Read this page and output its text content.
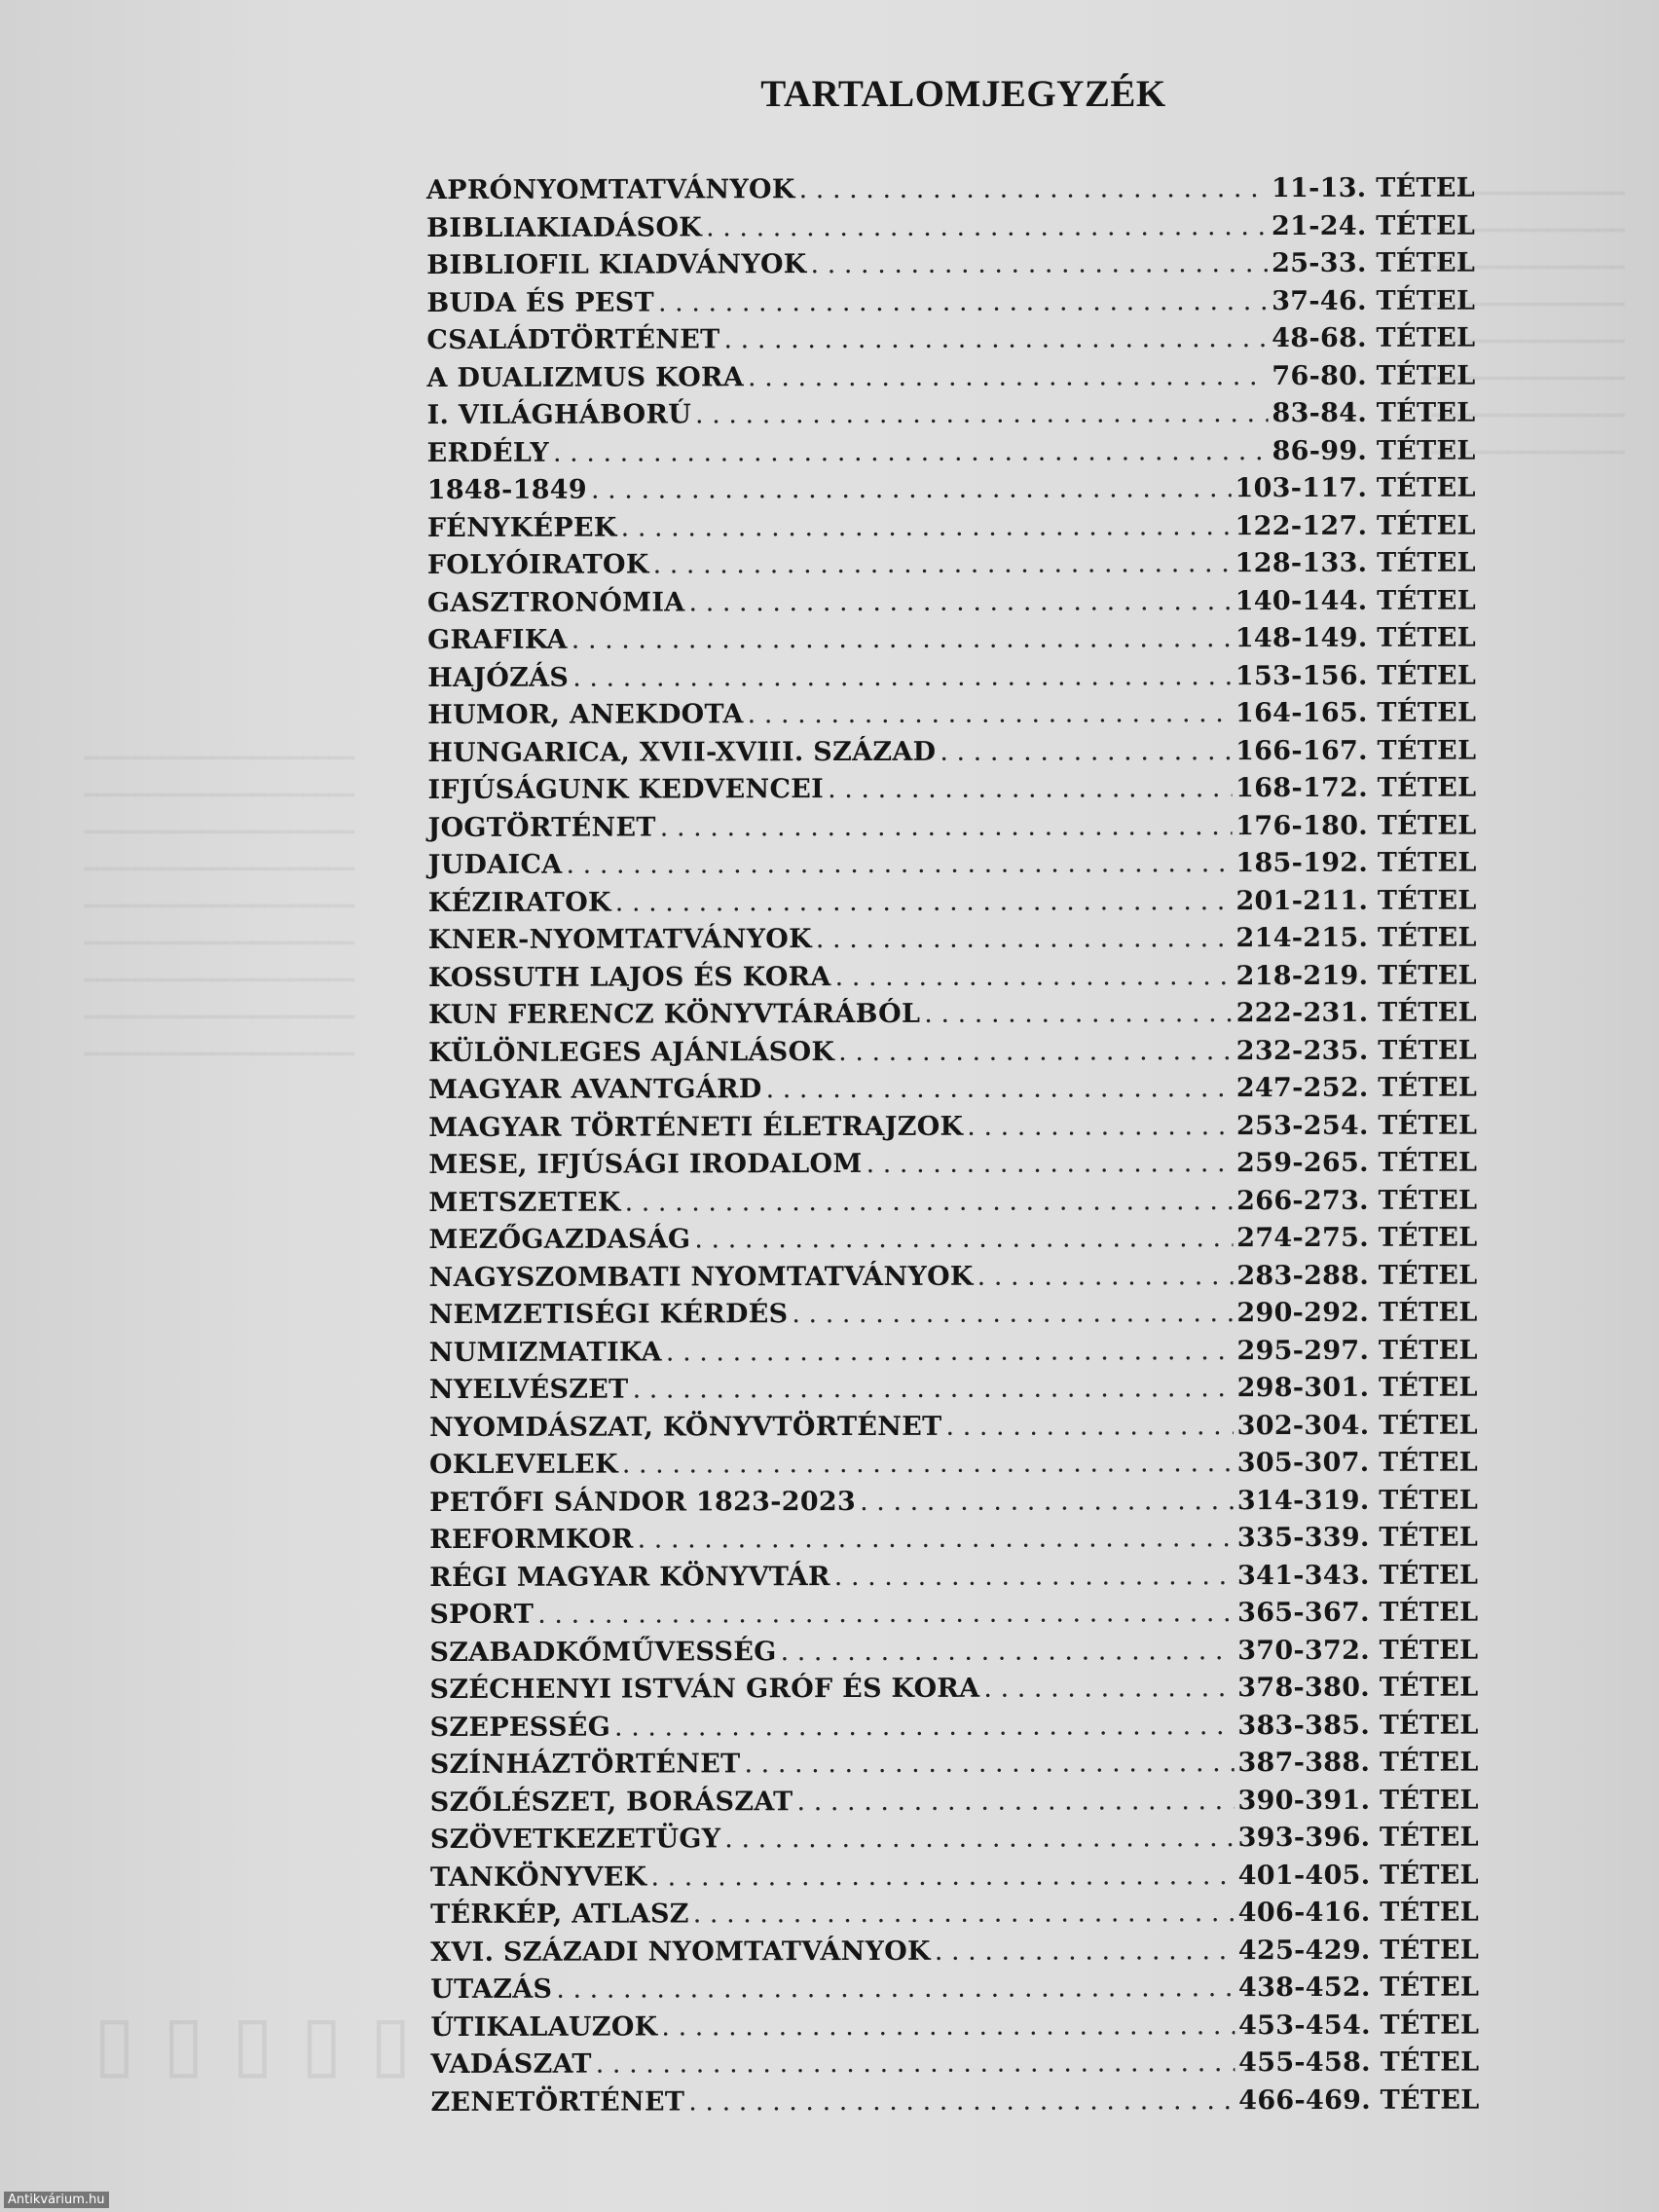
━━━━━━━━━━━━━━━━━━━━━
━━━━━━━━━━━━━━━━━━━━━
━━━━━━━━━━━━━━━━━━━━━
━━━━━━━━━━━━━━━━━━━━━
━━━━━━━━━━━━━━━━━━━━━
━━━━━━━━━━━━━━━━━━━━━
━━━━━━━━━━━━━━━━━━━━━
━━━━━━━━━━━━━━━━━━━━━
━━━━━━━━━━━━━━━━━━━━━
━━━━━━━━━━━━━━━
━━━━━━━━━━━━━━━
━━━━━━━━━━━━━━━
━━━━━━━━━━━━━━━
━━━━━━━━━━━━━━━
━━━━━━━━━━━━━━━
━━━━━━━━━━━━━━━
━━━━━━━━━━━━━━━
▯▯▯▯▯
TARTALOMJEGYZÉK
APRÓNYOMTATVÁNYOK . . .	11-13. TÉTEL
BIBLIAKIADÁSOK . . .	21-24. TÉTEL
BIBLIOFIL KIADVÁNYOK . . .	25-33. TÉTEL
BUDA ÉS PEST . . .	37-46. TÉTEL
CSALÁDTÖRTÉNET . . .	48-68. TÉTEL
A DUALIZMUS KORA . . .	76-80. TÉTEL
I. VILÁGHÁBORÚ . . .	83-84. TÉTEL
ERDÉLY . . .	86-99. TÉTEL
1848-1849 . . .	103-117. TÉTEL
FÉNYKÉPEK . . .	122-127. TÉTEL
FOLYÓIRATOK . . .	128-133. TÉTEL
GASZTRONÓMIA . . .	140-144. TÉTEL
GRAFIKA . . .	148-149. TÉTEL
HAJÓZÁS . . .	153-156. TÉTEL
HUMOR, ANEKDOTA . . .	164-165. TÉTEL
HUNGARICA, XVII-XVIII. SZÁZAD . . .	166-167. TÉTEL
IFJÚSÁGUNK KEDVENCEI . . .	168-172. TÉTEL
JOGTÖRTÉNET . . .	176-180. TÉTEL
JUDAICA . . .	185-192. TÉTEL
KÉZIRATOK . . .	201-211. TÉTEL
KNER-NYOMTATVÁNYOK . . .	214-215. TÉTEL
KOSSUTH LAJOS ÉS KORA . . .	218-219. TÉTEL
KUN FERENCZ KÖNYVTÁRÁBÓL . . .	222-231. TÉTEL
KÜLÖNLEGES AJÁNLÁSOK . . .	232-235. TÉTEL
MAGYAR AVANTGÁRD . . .	247-252. TÉTEL
MAGYAR TÖRTÉNETI ÉLETRAJZOK . . .	253-254. TÉTEL
MESE, IFJÚSÁGI IRODALOM . . .	259-265. TÉTEL
METSZETEK . . .	266-273. TÉTEL
MEZŐGAZDASÁG . . .	274-275. TÉTEL
NAGYSZOMBATI NYOMTATVÁNYOK . . .	283-288. TÉTEL
NEMZETISÉGI KÉRDÉS . . .	290-292. TÉTEL
NUMIZMATIKA . . .	295-297. TÉTEL
NYELVÉSZET . . .	298-301. TÉTEL
NYOMDÁSZAT, KÖNYVTÖRTÉNET . . .	302-304. TÉTEL
OKLEVELEK . . .	305-307. TÉTEL
PETŐFI SÁNDOR 1823-2023 . . .	314-319. TÉTEL
REFORMKOR . . .	335-339. TÉTEL
RÉGI MAGYAR KÖNYVTÁR . . .	341-343. TÉTEL
SPORT . . .	365-367. TÉTEL
SZABADKŐMŰVESSÉG . . .	370-372. TÉTEL
SZÉCHENYI ISTVÁN GRÓF ÉS KORA . . .	378-380. TÉTEL
SZEPESSÉG . . .	383-385. TÉTEL
SZÍNHÁZTÖRTÉNET . . .	387-388. TÉTEL
SZŐLÉSZET, BORÁSZAT . . .	390-391. TÉTEL
SZÖVETKEZETÜGY . . .	393-396. TÉTEL
TANKÖNYVEK . . .	401-405. TÉTEL
TÉRKÉP, ATLASZ . . .	406-416. TÉTEL
XVI. SZÁZADI NYOMTATVÁNYOK . . .	425-429. TÉTEL
UTAZÁS . . .	438-452. TÉTEL
ÚTIKALAUZOK . . .	453-454. TÉTEL
VADÁSZAT . . .	455-458. TÉTEL
ZENETÖRTÉNET . . .	466-469. TÉTEL
Antikvárium.hu
